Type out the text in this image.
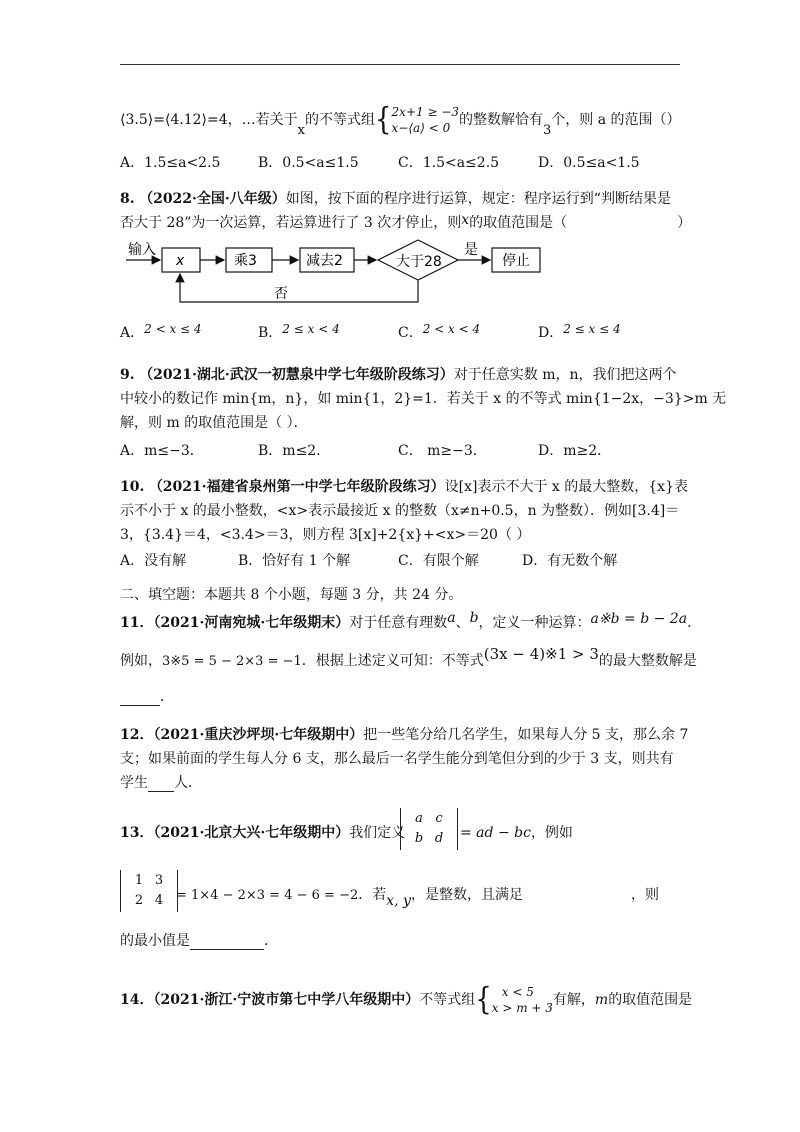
⟨3.5⟩=⟨4.12⟩=4，…若关于$_x$的不等式组{2x+1 ≥ −3
x−⟨a⟩ < 0 的整数解恰有$_3$个，则 a 的范围（）
A．1.5≤a<2.5	B．0.5<a≤1.5	C．1.5<a≤2.5	D．0.5≤a<1.5
8. （2022·全国·八年级）如图，按下面的程序进行运算，规定：程序运行到“判断结果是
否大于 28”为一次运算，若运算进行了 3 次才停止，则x的取值范围是（	）
输入
x	乘3	减去2	大于28
是
停止
否
A．2 < x ≤ 4	B．2 ≤ x < 4	C．2 < x < 4	D．2 ≤ x ≤ 4
9. （2021·湖北·武汉一初慧泉中学七年级阶段练习）对于任意实数 m，n，我们把这两个
中较小的数记作 min{m，n}，如 min{1，2}=1．若关于 x 的不等式 min{1−2x，−3}>m 无
解，则 m 的取值范围是（ ）．
A．m≤−3．	B．m≤2．	C． m≥−3．	D．m≥2．
10. （2021·福建省泉州第一中学七年级阶段练习）设[x]表示不大于 x 的最大整数，{x}表
示不小于 x 的最小整数，<x>表示最接近 x 的整数（x≠n+0.5，n 为整数）．例如[3.4]＝
3，{3.4}＝4，<3.4>＝3，则方程 3[x]+2{x}+<x>＝20（ ）
A．没有解	B．恰好有 1 个解	C．有限个解	D．有无数个解
二、填空题：本题共 8 个小题，每题 3 分，共 24 分。
11．（2021·河南宛城·七年级期末）对于任意有理数a、b，定义一种运算：a※b = b − 2a．
例如，3※5 = 5 − 2×3 = −1．根据上述定义可知：不等式(3x − 4)※1 > 3的最大整数解是
．
12．（2021·重庆沙坪坝·七年级期中）把一些笔分给几名学生，如果每人分 5 支，那么余 7
支；如果前面的学生每人分 6 支，那么最后一名学生能分到笔但分到的少于 3 支，则共有
学生 人．
13．（2021·北京大兴·七年级期中）我们定义
a c
b d	= ad − bc，例如
1 3
2 4 = 1×4 − 2×3 = 4 − 6 = −2．若x, y，是整数，且满足	，则
的最小值是	．
14．（2021·浙江·宁波市第七中学八年级期中）不等式组{ x < 5
x > m + 3有解，m的取值范围是
